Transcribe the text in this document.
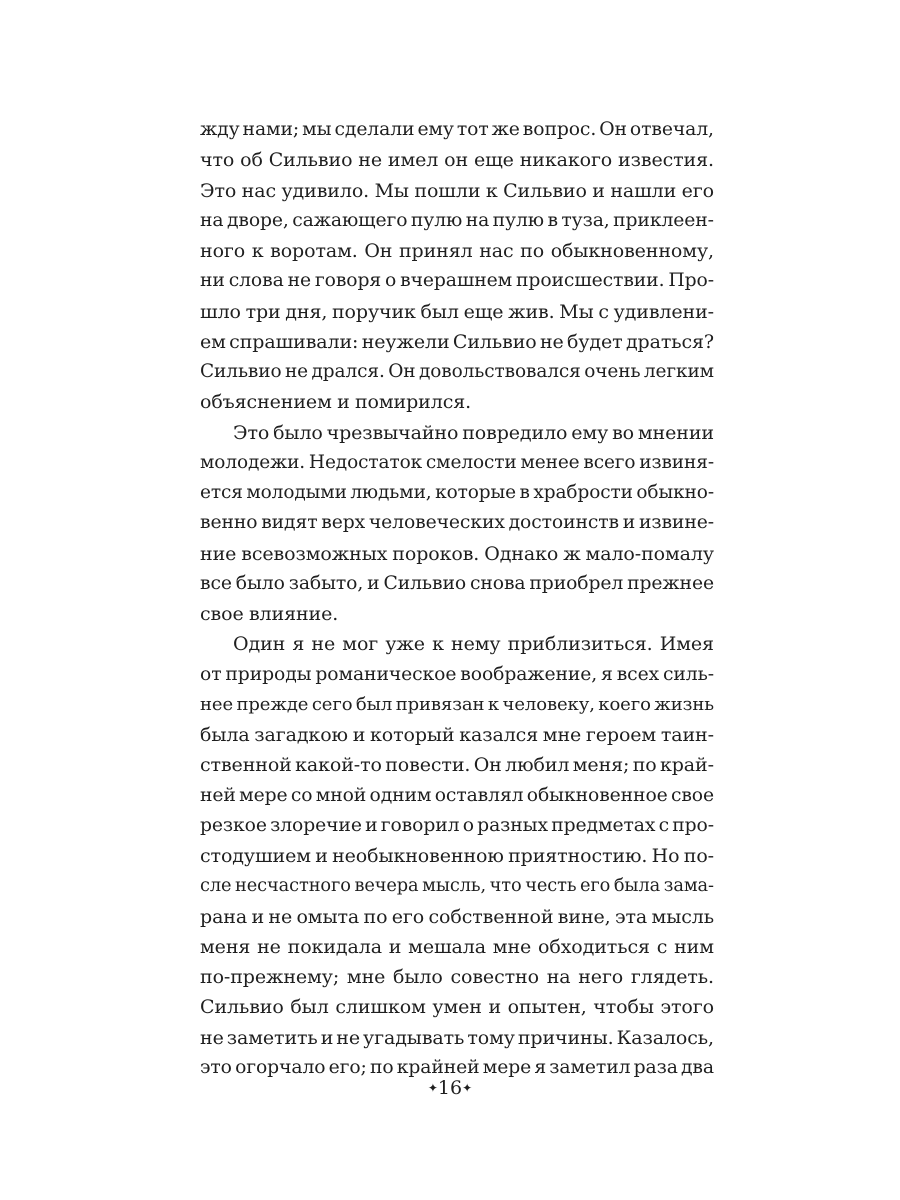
жду нами; мы сделали ему тот же вопрос. Он отвечал,
что об Сильвио не имел он еще никакого известия.
Это нас удивило. Мы пошли к Сильвио и нашли его
на дворе, сажающего пулю на пулю в туза, приклеен-
ного к воротам. Он принял нас по обыкновенному,
ни слова не говоря о вчерашнем происшествии. Про-
шло три дня, поручик был еще жив. Мы с удивлени-
ем спрашивали: неужели Сильвио не будет драться?
Сильвио не дрался. Он довольствовался очень легким
объяснением и помирился.
Это было чрезвычайно повредило ему во мнении
молодежи. Недостаток смелости менее всего извиня-
ется молодыми людьми, которые в храбрости обыкно-
венно видят верх человеческих достоинств и извине-
ние всевозможных пороков. Однако ж мало-помалу
все было забыто, и Сильвио снова приобрел прежнее
свое влияние.
Один я не мог уже к нему приблизиться. Имея
от природы романическое воображение, я всех силь-
нее прежде сего был привязан к человеку, коего жизнь
была загадкою и который казался мне героем таин-
ственной какой-то повести. Он любил меня; по край-
ней мере со мной одним оставлял обыкновенное свое
резкое злоречие и говорил о разных предметах с про-
стодушием и необыкновенною приятностию. Но по-
сле несчастного вечера мысль, что честь его была зама-
рана и не омыта по его собственной вине, эта мысль
меня не покидала и мешала мне обходиться с ним
по-прежнему; мне было совестно на него глядеть.
Сильвио был слишком умен и опытен, чтобы этого
не заметить и не угадывать тому причины. Казалось,
это огорчало его; по крайней мере я заметил раза два
✦16✦
